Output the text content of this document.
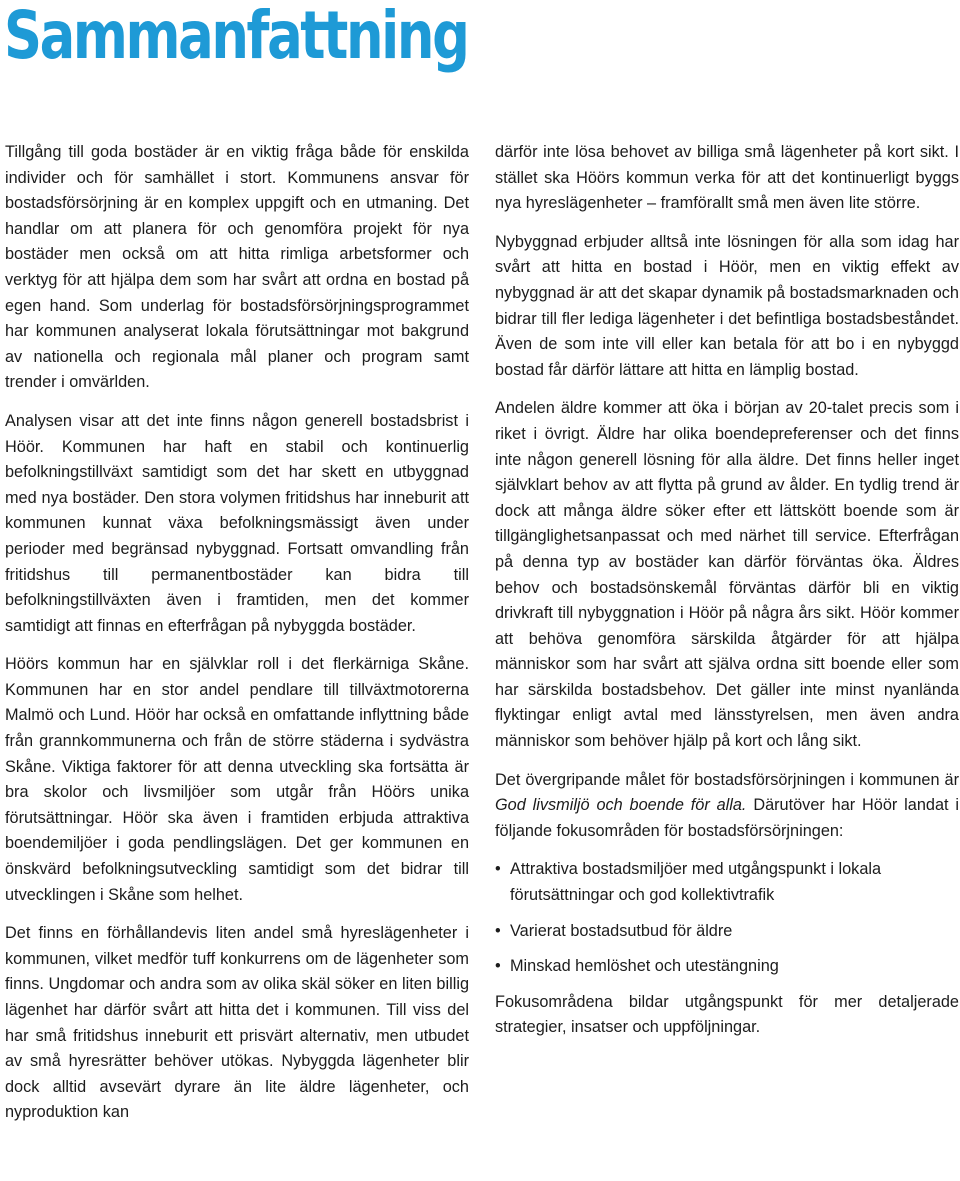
Sammanfattning

Tillgång till goda bostäder är en viktig fråga både för enskilda individer och för samhället i stort. Kommunens ansvar för bostadsförsörjning är en komplex uppgift och en utmaning. Det handlar om att planera för och genomföra projekt för nya bostäder men också om att hitta rimliga arbetsformer och verktyg för att hjälpa dem som har svårt att ordna en bostad på egen hand. Som underlag för bostadsförsörjningsprogrammet har kommunen analyserat lokala förutsättningar mot bakgrund av nationella och regionala mål planer och program samt trender i omvärlden.

Analysen visar att det inte finns någon generell bostadsbrist i Höör. Kommunen har haft en stabil och kontinuerlig befolkningstillväxt samtidigt som det har skett en utbyggnad med nya bostäder. Den stora volymen fritidshus har inneburit att kommunen kunnat växa befolkningsmässigt även under perioder med begränsad nybyggnad. Fortsatt omvandling från fritidshus till permanentbostäder kan bidra till befolkningstillväxten även i framtiden, men det kommer samtidigt att finnas en efterfrågan på nybyggda bostäder.

Höörs kommun har en självklar roll i det flerkärniga Skåne. Kommunen har en stor andel pendlare till tillväxtmotorerna Malmö och Lund. Höör har också en omfattande inflyttning både från grannkommunerna och från de större städerna i sydvästra Skåne. Viktiga faktorer för att denna utveckling ska fortsätta är bra skolor och livsmiljöer som utgår från Höörs unika förutsättningar. Höör ska även i framtiden erbjuda attraktiva boendemiljöer i goda pendlingslägen. Det ger kommunen en önskvärd befolkningsutveckling samtidigt som det bidrar till utvecklingen i Skåne som helhet.

Det finns en förhållandevis liten andel små hyreslägenheter i kommunen, vilket medför tuff konkurrens om de lägenheter som finns. Ungdomar och andra som av olika skäl söker en liten billig lägenhet har därför svårt att hitta det i kommunen. Till viss del har små fritidshus inneburit ett prisvärt alternativ, men utbudet av små hyresrätter behöver utökas. Nybyggda lägenheter blir dock alltid avsevärt dyrare än lite äldre lägenheter, och nyproduktion kan

därför inte lösa behovet av billiga små lägenheter på kort sikt. I stället ska Höörs kommun verka för att det kontinuerligt byggs nya hyreslägenheter – framförallt små men även lite större.

Nybyggnad erbjuder alltså inte lösningen för alla som idag har svårt att hitta en bostad i Höör, men en viktig effekt av nybyggnad är att det skapar dynamik på bostadsmarknaden och bidrar till fler lediga lägenheter i det befintliga bostadsbeståndet. Även de som inte vill eller kan betala för att bo i en nybyggd bostad får därför lättare att hitta en lämplig bostad.

Andelen äldre kommer att öka i början av 20-talet precis som i riket i övrigt. Äldre har olika boendepreferenser och det finns inte någon generell lösning för alla äldre. Det finns heller inget självklart behov av att flytta på grund av ålder. En tydlig trend är dock att många äldre söker efter ett lättskött boende som är tillgänglighetsanpassat och med närhet till service. Efterfrågan på denna typ av bostäder kan därför förväntas öka. Äldres behov och bostadsönskemål förväntas därför bli en viktig drivkraft till nybyggnation i Höör på några års sikt. Höör kommer att behöva genomföra särskilda åtgärder för att hjälpa människor som har svårt att själva ordna sitt boende eller som har särskilda bostadsbehov. Det gäller inte minst nyanlända flyktingar enligt avtal med länsstyrelsen, men även andra människor som behöver hjälp på kort och lång sikt.

Det övergripande målet för bostadsförsörjningen i kommunen är God livsmiljö och boende för alla. Därutöver har Höör landat i följande fokusområden för bostadsförsörjningen:

• Attraktiva bostadsmiljöer med utgångspunkt i lokala förutsättningar och god kollektivtrafik
• Varierat bostadsutbud för äldre
• Minskad hemlöshet och utestängning

Fokusområdena bildar utgångspunkt för mer detaljerade strategier, insatser och uppföljningar.
